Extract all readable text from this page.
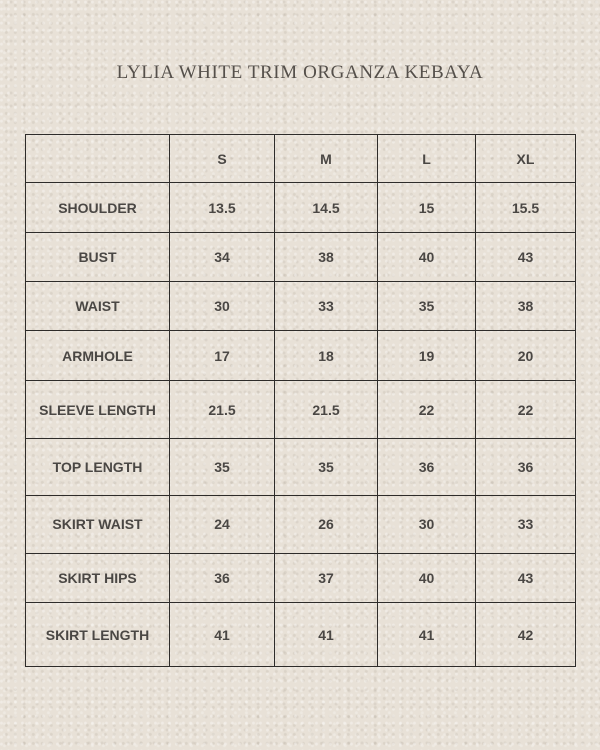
LYLIA WHITE TRIM ORGANZA KEBAYA
	S	M	L	XL
SHOULDER	13.5	14.5	15	15.5
BUST	34	38	40	43
WAIST	30	33	35	38
ARMHOLE	17	18	19	20
SLEEVE LENGTH	21.5	21.5	22	22
TOP LENGTH	35	35	36	36
SKIRT WAIST	24	26	30	33
SKIRT HIPS	36	37	40	43
SKIRT LENGTH	41	41	41	42
